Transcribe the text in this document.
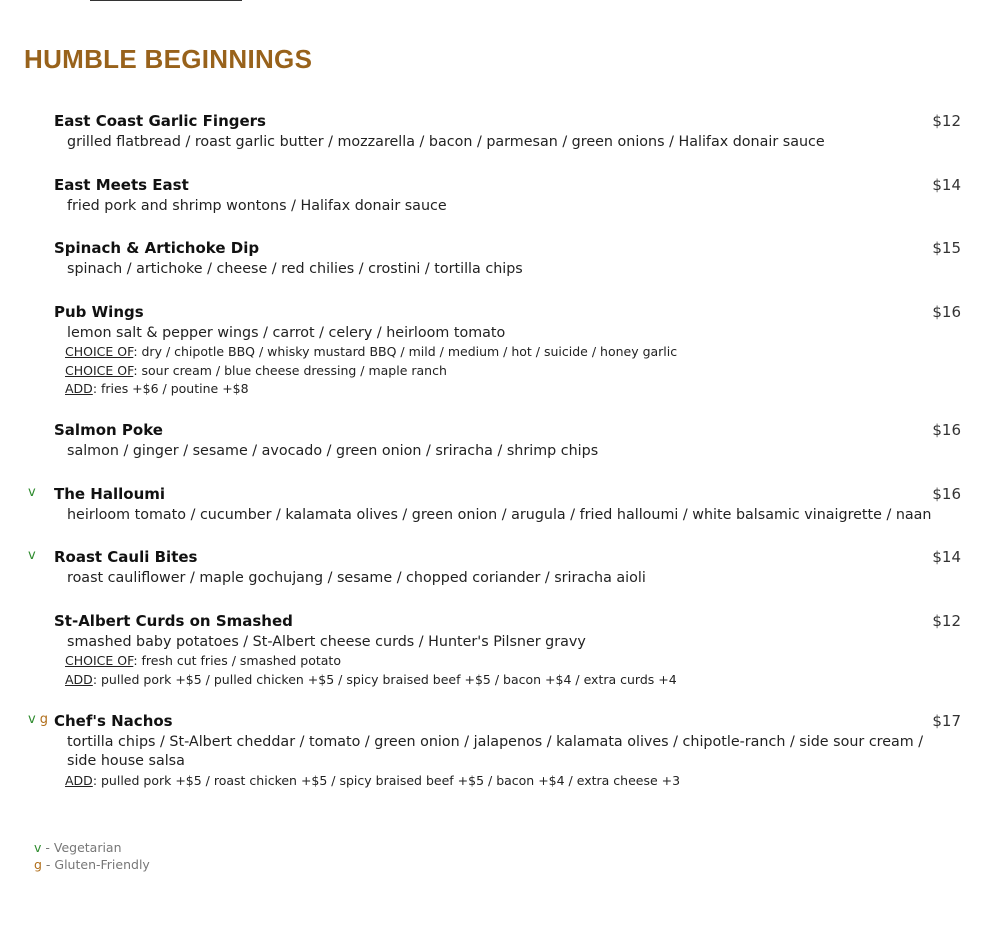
HUMBLE BEGINNINGS
East Coast Garlic Fingers	$12
grilled flatbread / roast garlic butter / mozzarella / bacon / parmesan / green onions / Halifax donair sauce
East Meets East	$14
fried pork and shrimp wontons / Halifax donair sauce
Spinach & Artichoke Dip	$15
spinach / artichoke / cheese / red chilies / crostini / tortilla chips
Pub Wings	$16
lemon salt & pepper wings / carrot / celery / heirloom tomato
CHOICE OF: dry / chipotle BBQ / whisky mustard BBQ / mild / medium / hot / suicide / honey garlic
CHOICE OF: sour cream / blue cheese dressing / maple ranch
ADD: fries +$6 / poutine +$8
Salmon Poke	$16
salmon / ginger / sesame / avocado / green onion / sriracha / shrimp chips
v The Halloumi	$16
heirloom tomato / cucumber / kalamata olives / green onion / arugula / fried halloumi / white balsamic vinaigrette / naan
v Roast Cauli Bites	$14
roast cauliflower / maple gochujang / sesame / chopped coriander / sriracha aioli
St-Albert Curds on Smashed	$12
smashed baby potatoes / St-Albert cheese curds / Hunter's Pilsner gravy
CHOICE OF: fresh cut fries / smashed potato
ADD: pulled pork +$5 / pulled chicken +$5 / spicy braised beef +$5 / bacon +$4 / extra curds +4
v g Chef's Nachos	$17
tortilla chips / St-Albert cheddar / tomato / green onion / jalapenos / kalamata olives / chipotle-ranch / side sour cream / side house salsa
ADD: pulled pork +$5 / roast chicken +$5 / spicy braised beef +$5 / bacon +$4 / extra cheese +3
v - Vegetarian
g - Gluten-Friendly
